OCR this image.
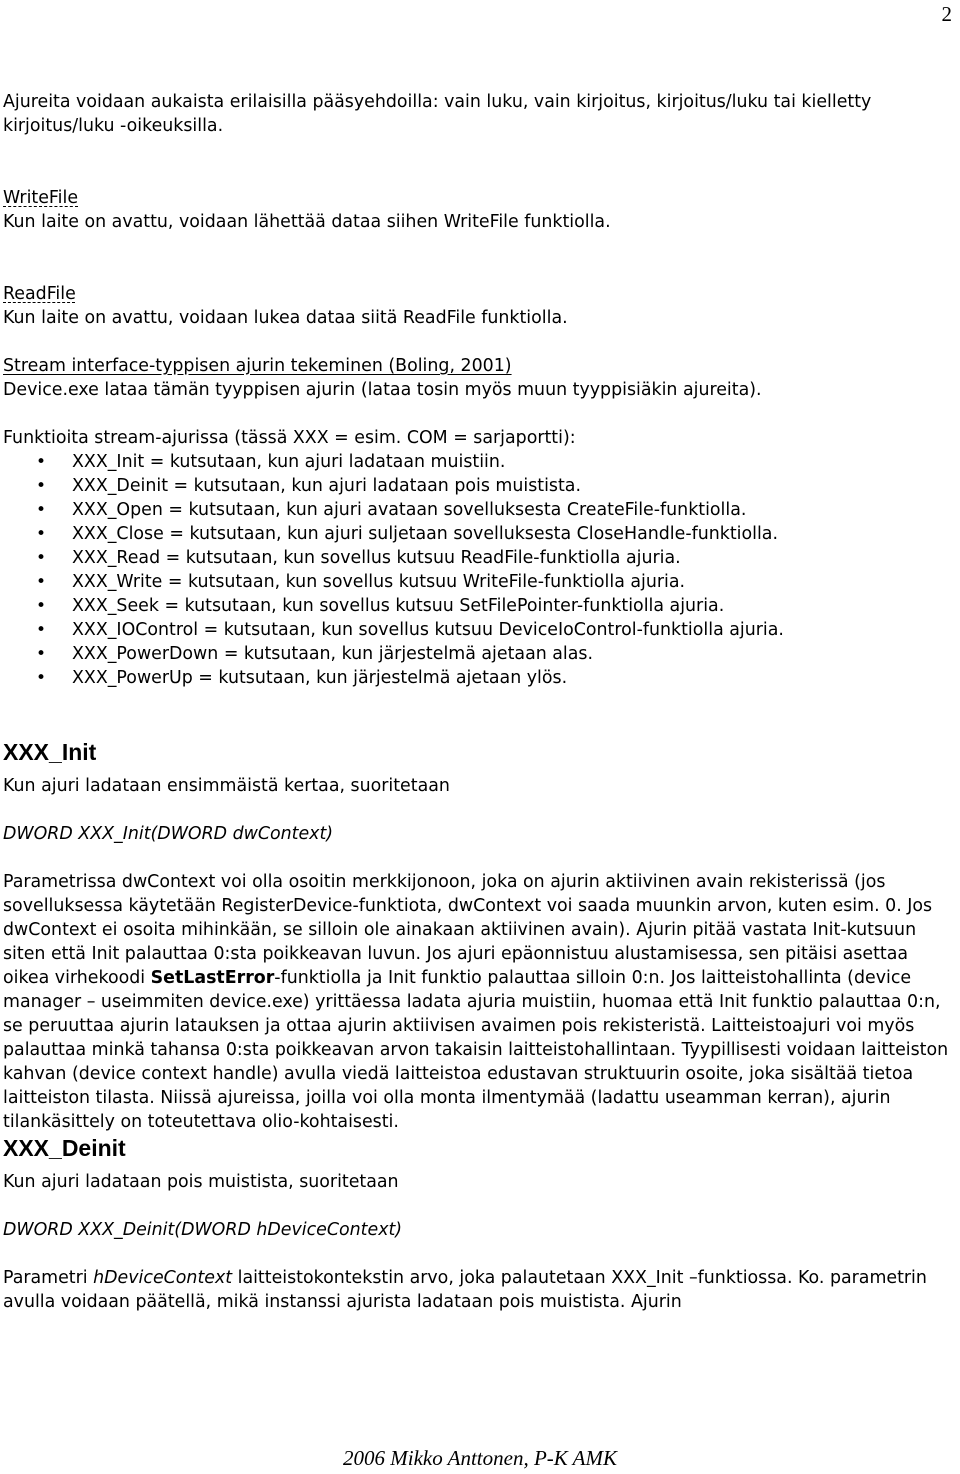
2

Ajureita voidaan aukaista erilaisilla pääsyehdoilla: vain luku, vain kirjoitus, kirjoitus/luku tai kielletty kirjoitus/luku -oikeuksilla.

WriteFile

Kun laite on avattu, voidaan lähettää dataa siihen WriteFile funktiolla.

ReadFile

Kun laite on avattu, voidaan lukea dataa siitä ReadFile funktiolla.

Stream interface-typpisen ajurin tekeminen (Boling, 2001)

Device.exe lataa tämän tyyppisen ajurin (lataa tosin myös muun tyyppisiäkin ajureita).

Funktioita stream-ajurissa (tässä XXX = esim. COM = sarjaportti):

• XXX_Init = kutsutaan, kun ajuri ladataan muistiin.
• XXX_Deinit = kutsutaan, kun ajuri ladataan pois muistista.
• XXX_Open = kutsutaan, kun ajuri avataan sovelluksesta CreateFile-funktiolla.
• XXX_Close = kutsutaan, kun ajuri suljetaan sovelluksesta CloseHandle-funktiolla.
• XXX_Read = kutsutaan, kun sovellus kutsuu ReadFile-funktiolla ajuria.
• XXX_Write = kutsutaan, kun sovellus kutsuu WriteFile-funktiolla ajuria.
• XXX_Seek = kutsutaan, kun sovellus kutsuu SetFilePointer-funktiolla ajuria.
• XXX_IOControl = kutsutaan, kun sovellus kutsuu DeviceIoControl-funktiolla ajuria.
• XXX_PowerDown = kutsutaan, kun järjestelmä ajetaan alas.
• XXX_PowerUp = kutsutaan, kun järjestelmä ajetaan ylös.
XXX_Init

Kun ajuri ladataan ensimmäistä kertaa, suoritetaan

DWORD XXX_Init(DWORD dwContext)

Parametrissa dwContext voi olla osoitin merkkijonoon, joka on ajurin aktiivinen avain rekisterissä (jos sovelluksessa käytetään RegisterDevice-funktiota, dwContext voi saada muunkin arvon, kuten esim. 0. Jos dwContext ei osoita mihinkään, se silloin ole ainakaan aktiivinen avain). Ajurin pitää vastata Init-kutsuun siten että Init palauttaa 0:sta poikkeavan luvun. Jos ajuri epäonnistuu alustamisessa, sen pitäisi asettaa oikea virhekoodi SetLastError-funktiolla ja Init funktio palauttaa silloin 0:n. Jos laitteistohallinta (device manager – useimmiten device.exe) yrittäessa ladata ajuria muistiin, huomaa että Init funktio palauttaa 0:n, se peruuttaa ajurin latauksen ja ottaa ajurin aktiivisen avaimen pois rekisteristä. Laitteistoajuri voi myös palauttaa minkä tahansa 0:sta poikkeavan arvon takaisin laitteistohallintaan. Tyypillisesti voidaan laitteiston kahvan (device context handle) avulla viedä laitteistoa edustavan struktuurin osoite, joka sisältää tietoa laitteiston tilasta. Niissä ajureissa, joilla voi olla monta ilmentymää (ladattu useamman kerran), ajurin tilankäsittely on toteutettava olio-kohtaisesti.

XXX_Deinit

Kun ajuri ladataan pois muistista, suoritetaan

DWORD XXX_Deinit(DWORD hDeviceContext)

Parametri hDeviceContext laitteistokontekstin arvo, joka palautetaan XXX_Init –funktiossa. Ko. parametrin avulla voidaan päätellä, mikä instanssi ajurista ladataan pois muistista. Ajurin

2006 Mikko Anttonen, P-K AMK
